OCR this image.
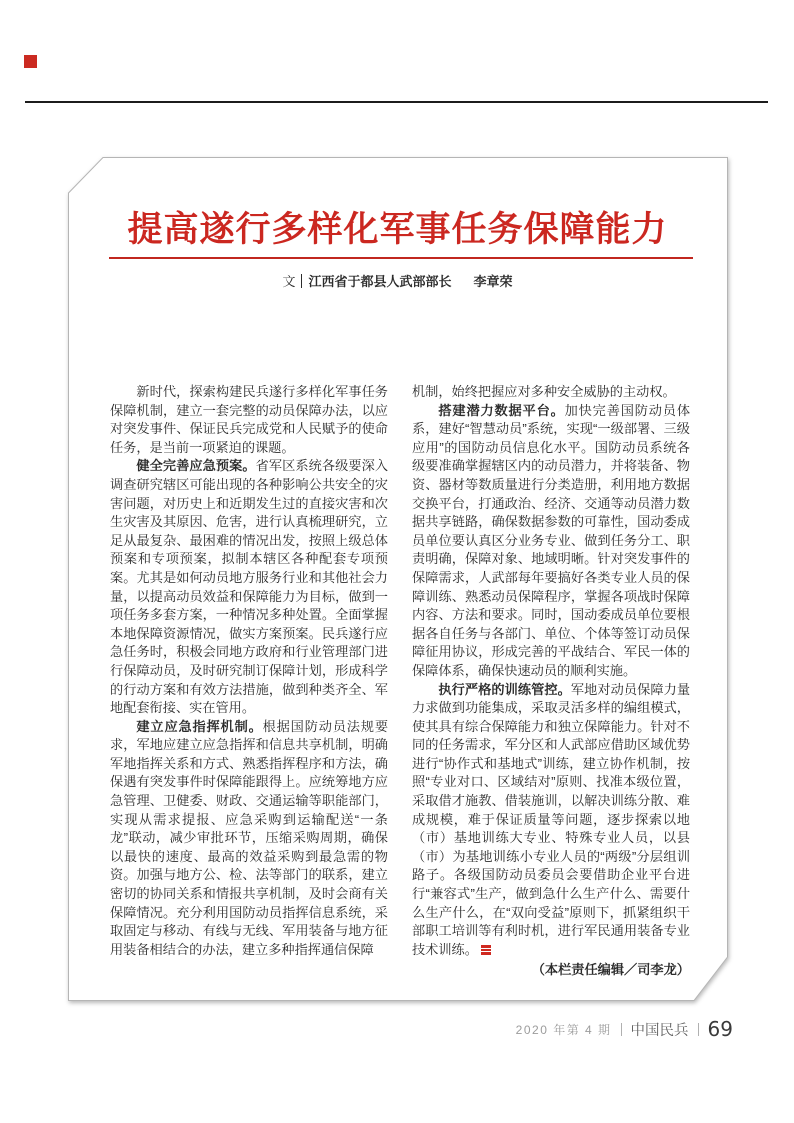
提高遂行多样化军事任务保障能力
文 江西省于都县人武部部长 李章荣

新时代，探索构建民兵遂行多样化军事任务保障机制，建立一套完整的动员保障办法，以应对突发事件、保证民兵完成党和人民赋予的使命任务，是当前一项紧迫的课题。

健全完善应急预案。省军区系统各级要深入调查研究辖区可能出现的各种影响公共安全的灾害问题，对历史上和近期发生过的直接灾害和次生灾害及其原因、危害，进行认真梳理研究，立足从最复杂、最困难的情况出发，按照上级总体预案和专项预案，拟制本辖区各种配套专项预案。尤其是如何动员地方服务行业和其他社会力量，以提高动员效益和保障能力为目标，做到一项任务多套方案，一种情况多种处置。全面掌握本地保障资源情况，做实方案预案。民兵遂行应急任务时，积极会同地方政府和行业管理部门进行保障动员，及时研究制订保障计划，形成科学的行动方案和有效方法措施，做到种类齐全、军地配套衔接、实在管用。

建立应急指挥机制。根据国防动员法规要求，军地应建立应急指挥和信息共享机制，明确军地指挥关系和方式、熟悉指挥程序和方法，确保遇有突发事件时保障能跟得上。应统筹地方应急管理、卫健委、财政、交通运输等职能部门，实现从需求提报、应急采购到运输配送“一条龙”联动，减少审批环节，压缩采购周期，确保以最快的速度、最高的效益采购到最急需的物资。加强与地方公、检、法等部门的联系，建立密切的协同关系和情报共享机制，及时会商有关保障情况。充分利用国防动员指挥信息系统，采取固定与移动、有线与无线、军用装备与地方征用装备相结合的办法，建立多种指挥通信保障

机制，始终把握应对多种安全威胁的主动权。

搭建潜力数据平台。加快完善国防动员体系，建好“智慧动员”系统，实现“一级部署、三级应用”的国防动员信息化水平。国防动员系统各级要准确掌握辖区内的动员潜力，并将装备、物资、器材等数质量进行分类造册，利用地方数据交换平台，打通政治、经济、交通等动员潜力数据共享链路，确保数据参数的可靠性，国动委成员单位要认真区分业务专业、做到任务分工、职责明确，保障对象、地域明晰。针对突发事件的保障需求，人武部每年要搞好各类专业人员的保障训练、熟悉动员保障程序，掌握各项战时保障内容、方法和要求。同时，国动委成员单位要根据各自任务与各部门、单位、个体等签订动员保障征用协议，形成完善的平战结合、军民一体的保障体系，确保快速动员的顺利实施。

执行严格的训练管控。军地对动员保障力量力求做到功能集成，采取灵活多样的编组模式，使其具有综合保障能力和独立保障能力。针对不同的任务需求，军分区和人武部应借助区域优势进行“协作式和基地式”训练，建立协作机制，按照“专业对口、区域结对”原则、找准本级位置，采取借才施教、借装施训，以解决训练分散、难成规模，难于保证质量等问题，逐步探索以地（市）基地训练大专业、特殊专业人员，以县（市）为基地训练小专业人员的“两级”分层组训路子。各级国防动员委员会要借助企业平台进行“兼容式”生产，做到急什么生产什么、需要什么生产什么，在“双向受益”原则下，抓紧组织干部职工培训等有利时机，进行军民通用装备专业技术训练。

（本栏责任编辑／司李龙）

2020 年第 4 期 中国民兵 69
